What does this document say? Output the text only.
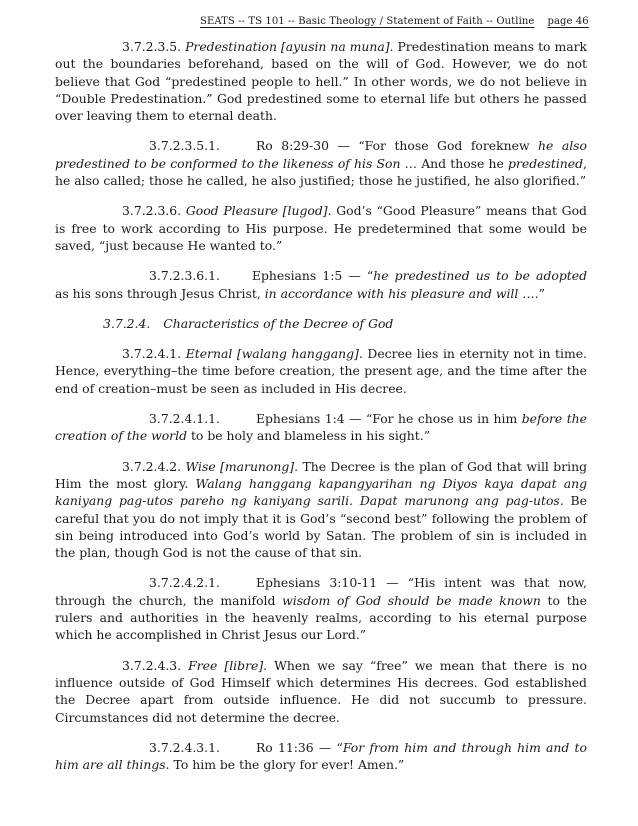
SEATS -- TS 101 -- Basic Theology / Statement of Faith -- Outline page 46

3.7.2.3.5. Predestination [ayusin na muna]. Predestination means to mark out the boundaries beforehand, based on the will of God. However, we do not believe that God “predestined people to hell.” In other words, we do not believe in “Double Predestination.” God predestined some to eternal life but others he passed over leaving them to eternal death.

3.7.2.3.5.1.	Ro 8:29-30 — “For those God foreknew he also predestined to be conformed to the likeness of his Son … And those he predestined, he also called; those he called, he also justified; those he justified, he also glorified.”

3.7.2.3.6. Good Pleasure [lugod]. God’s “Good Pleasure” means that God is free to work according to His purpose. He predetermined that some would be saved, “just because He wanted to.”

3.7.2.3.6.1.	Ephesians 1:5 — “he predestined us to be adopted as his sons through Jesus Christ, in accordance with his pleasure and will ….”

3.7.2.4. Characteristics of the Decree of God

3.7.2.4.1. Eternal [walang hanggang]. Decree lies in eternity not in time. Hence, everything–the time before creation, the present age, and the time after the end of creation–must be seen as included in His decree.

3.7.2.4.1.1.	Ephesians 1:4 — “For he chose us in him before the creation of the world to be holy and blameless in his sight.”

3.7.2.4.2. Wise [marunong]. The Decree is the plan of God that will bring Him the most glory. Walang hanggang kapangyarihan ng Diyos kaya dapat ang kaniyang pag-utos pareho ng kaniyang sarili. Dapat marunong ang pag-utos. Be careful that you do not imply that it is God’s “second best” following the problem of sin being introduced into God’s world by Satan. The problem of sin is included in the plan, though God is not the cause of that sin.

3.7.2.4.2.1.	Ephesians 3:10-11 — “His intent was that now, through the church, the manifold wisdom of God should be made known to the rulers and authorities in the heavenly realms, according to his eternal purpose which he accomplished in Christ Jesus our Lord.”

3.7.2.4.3. Free [libre]. When we say “free” we mean that there is no influence outside of God Himself which determines His decrees. God established the Decree apart from outside influence. He did not succumb to pressure. Circumstances did not determine the decree.

3.7.2.4.3.1.	Ro 11:36 — “For from him and through him and to him are all things. To him be the glory for ever! Amen.”
